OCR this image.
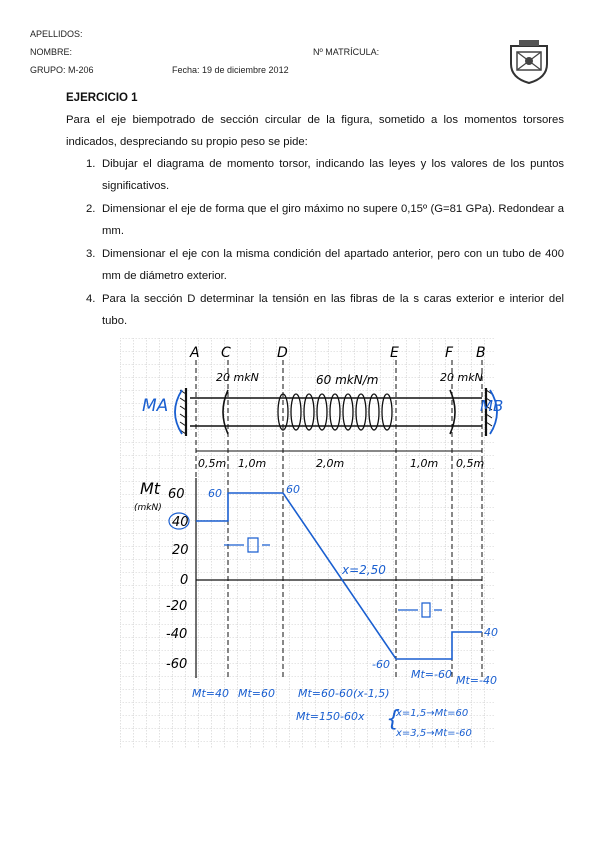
APELLIDOS:
NOMBRE:	Nº MATRÍCULA:
GRUPO: M-206	Fecha: 19 de diciembre 2012
EJERCICIO 1
Para el eje biempotrado de sección circular de la figura, sometido a los momentos torsores indicados, despreciando su propio peso se pide:
1. Dibujar el diagrama de momento torsor, indicando las leyes y los valores de los puntos significativos.
2. Dimensionar el eje de forma que el giro máximo no supere 0,15º (G=81 GPa). Redondear a mm.
3. Dimensionar el eje con la misma condición del apartado anterior, pero con un tubo de 400 mm de diámetro exterior.
4. Para la sección D determinar la tensión en las fibras de la s caras exterior e interior del tubo.
A C	D	E	F B
20 mkN	60 mkN/m	20 mkN
MA	MB
0,5m 1,0m	2,0m	1,0m 0,5m
Mt
(mkN)
60
40
20
0
-20
-40
-60
60	60
x=2,50
-60
Mt=-60
40
Mt=-40
Mt=40 Mt=60 Mt=60-60(x-1,5)
Mt=150-60x {
x=1,5→Mt=60
x=3,5→Mt=-60
